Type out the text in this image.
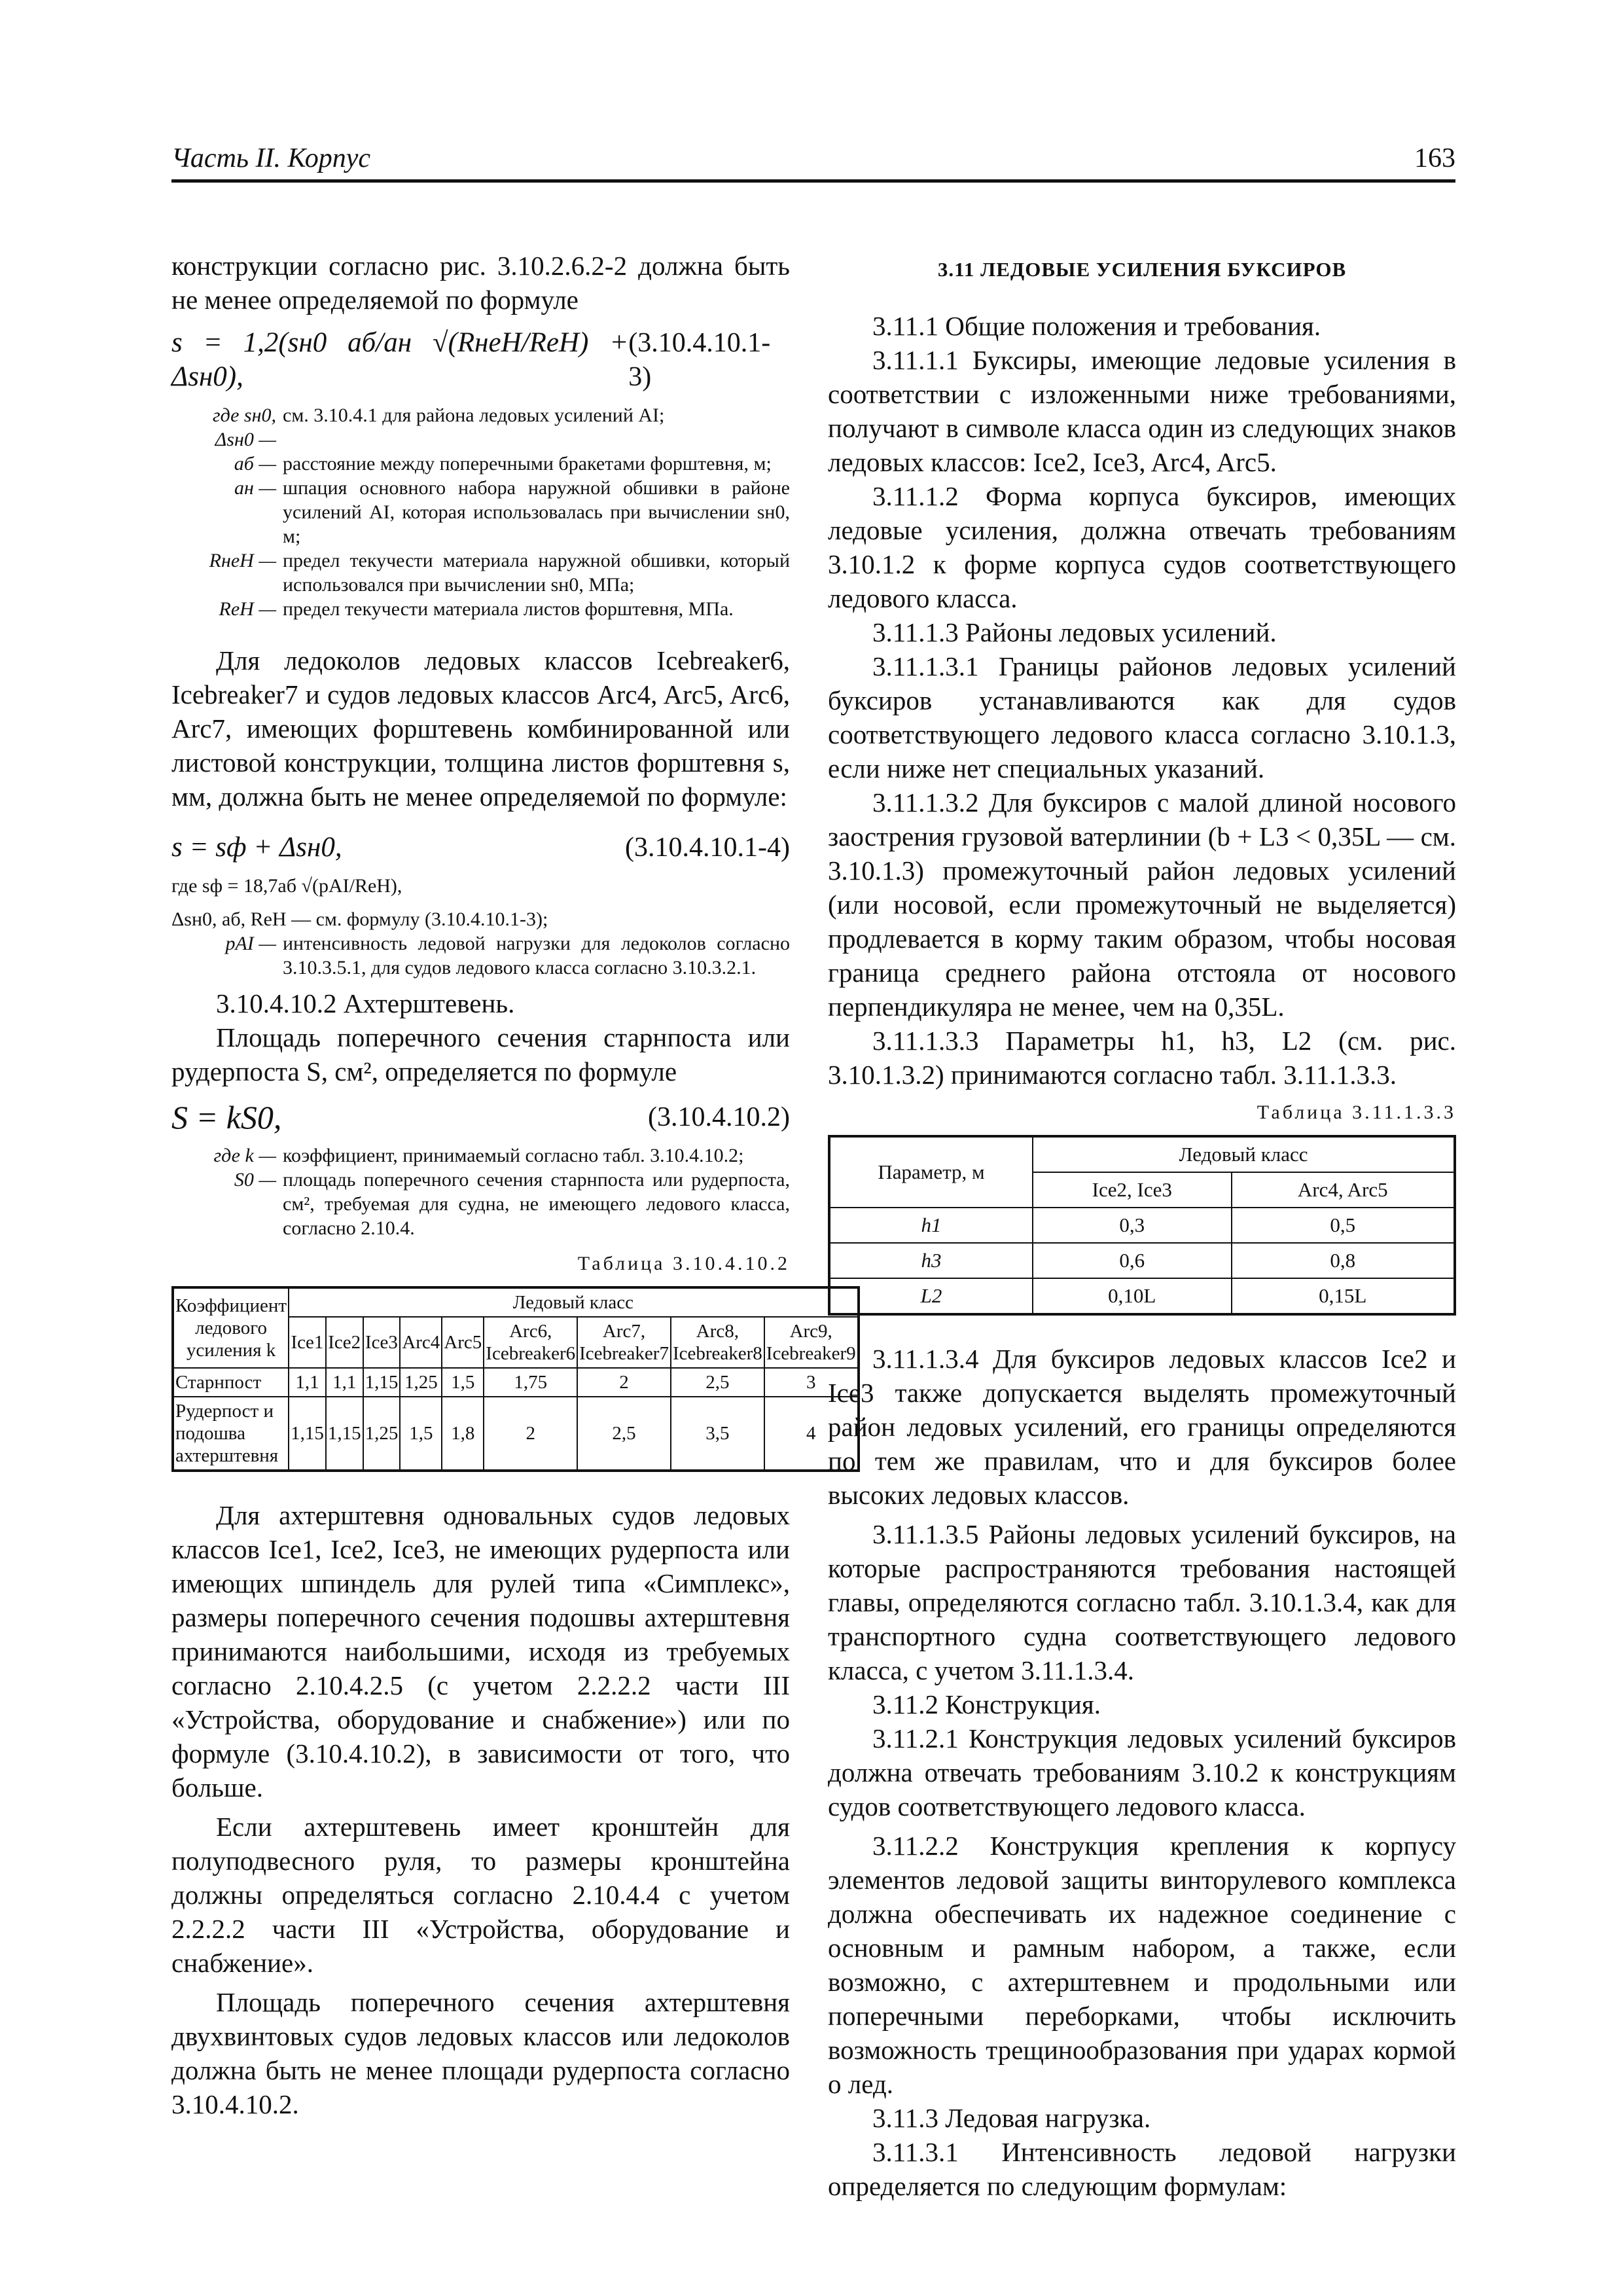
Часть II. Корпус	163

конструкции согласно рис. 3.10.2.6.2-2 должна быть не менее определяемой по формуле

s = 1,2(sн0 aб/aн √(RнeH/ReH) + Δsн0),
(3.10.4.10.1-3)
где sн0, Δsн0 —
см. 3.10.4.1 для района ледовых усилений AI;
aб — расстояние между поперечными бракетами форштевня, м;
aн — шпация основного набора наружной обшивки в районе усилений AI, которая использовалась при вычислении sн0, м;
RнeH — предел текучести материала наружной обшивки, который использовался при вычислении sн0, МПа;
ReH — предел текучести материала листов форштевня, МПа.

Для ледоколов ледовых классов Icebreaker6, Icebreaker7 и судов ледовых классов Arc4, Arc5, Arc6, Arc7, имеющих форштевень комбинированной или листовой конструкции, толщина листов форштевня s, мм, должна быть не менее определяемой по формуле:

s = sф + Δsн0,	(3.10.4.10.1-4)
где sф = 18,7aб √(pAI/ReH),
Δsн0, aб, ReH — см. формулу (3.10.4.10.1-3);
pAI — интенсивность ледовой нагрузки для ледоколов согласно 3.10.3.5.1, для судов ледового класса согласно 3.10.3.2.1.

3.10.4.10.2 Ахтерштевень.

Площадь поперечного сечения старнпоста или рудерпоста S, см², определяется по формуле

S = kS0,	(3.10.4.10.2)
где k — коэффициент, принимаемый согласно табл. 3.10.4.10.2;
S0 — площадь поперечного сечения старнпоста или рудерпоста, см², требуемая для судна, не имеющего ледового класса, согласно 2.10.4.
Таблица 3.10.4.10.2
Коэффициент ледового усиления k	Ледовый класс								
	Ice1	Ice2	Ice3	Arc4	Arc5	Arc6, Icebreaker6	Arc7, Icebreaker7	Arc8, Icebreaker8	Arc9, Icebreaker9
Старнпост	1,1	1,1	1,15	1,25	1,5	1,75	2	2,5	3
Рудерпост и подошва ахтерштевня	1,15	1,15	1,25	1,5	1,8	2	2,5	3,5	4

Для ахтерштевня одновальных судов ледовых классов Ice1, Ice2, Ice3, не имеющих рудерпоста или имеющих шпиндель для рулей типа «Симплекс», размеры поперечного сечения подошвы ахтерштевня принимаются наибольшими, исходя из требуемых согласно 2.10.4.2.5 (с учетом 2.2.2.2 части III «Устройства, оборудование и снабжение») или по формуле (3.10.4.10.2), в зависимости от того, что больше.

Если ахтерштевень имеет кронштейн для полуподвесного руля, то размеры кронштейна должны определяться согласно 2.10.4.4 с учетом 2.2.2.2 части III «Устройства, оборудование и снабжение».

Площадь поперечного сечения ахтерштевня двухвинтовых судов ледовых классов или ледоколов должна быть не менее площади рудерпоста согласно 3.10.4.10.2.

3.11 ЛЕДОВЫЕ УСИЛЕНИЯ БУКСИРОВ

3.11.1 Общие положения и требования.

3.11.1.1 Буксиры, имеющие ледовые усиления в соответствии с изложенными ниже требованиями, получают в символе класса один из следующих знаков ледовых классов: Ice2, Ice3, Arc4, Arc5.

3.11.1.2 Форма корпуса буксиров, имеющих ледовые усиления, должна отвечать требованиям 3.10.1.2 к форме корпуса судов соответствующего ледового класса.

3.11.1.3 Районы ледовых усилений.

3.11.1.3.1 Границы районов ледовых усилений буксиров устанавливаются как для судов соответствующего ледового класса согласно 3.10.1.3, если ниже нет специальных указаний.

3.11.1.3.2 Для буксиров с малой длиной носового заострения грузовой ватерлинии (b + L3 < 0,35L — см. 3.10.1.3) промежуточный район ледовых усилений (или носовой, если промежуточный не выделяется) продлевается в корму таким образом, чтобы носовая граница среднего района отстояла от носового перпендикуляра не менее, чем на 0,35L.

3.11.1.3.3 Параметры h1, h3, L2 (см. рис. 3.10.1.3.2) принимаются согласно табл. 3.11.1.3.3.

Таблица 3.11.1.3.3
Параметр, м	Ледовый класс	
	Ice2, Ice3	Arc4, Arc5
h1	0,3	0,5
h3	0,6	0,8
L2	0,10L	0,15L

3.11.1.3.4 Для буксиров ледовых классов Ice2 и Ice3 также допускается выделять промежуточный район ледовых усилений, его границы определяются по тем же правилам, что и для буксиров более высоких ледовых классов.

3.11.1.3.5 Районы ледовых усилений буксиров, на которые распространяются требования настоящей главы, определяются согласно табл. 3.10.1.3.4, как для транспортного судна соответствующего ледового класса, с учетом 3.11.1.3.4.

3.11.2 Конструкция.

3.11.2.1 Конструкция ледовых усилений буксиров должна отвечать требованиям 3.10.2 к конструкциям судов соответствующего ледового класса.

3.11.2.2 Конструкция крепления к корпусу элементов ледовой защиты винторулевого комплекса должна обеспечивать их надежное соединение с основным и рамным набором, а также, если возможно, с ахтерштевнем и продольными или поперечными переборками, чтобы исключить возможность трещинообразования при ударах кормой о лед.

3.11.3 Ледовая нагрузка.

3.11.3.1 Интенсивность ледовой нагрузки определяется по следующим формулам:
